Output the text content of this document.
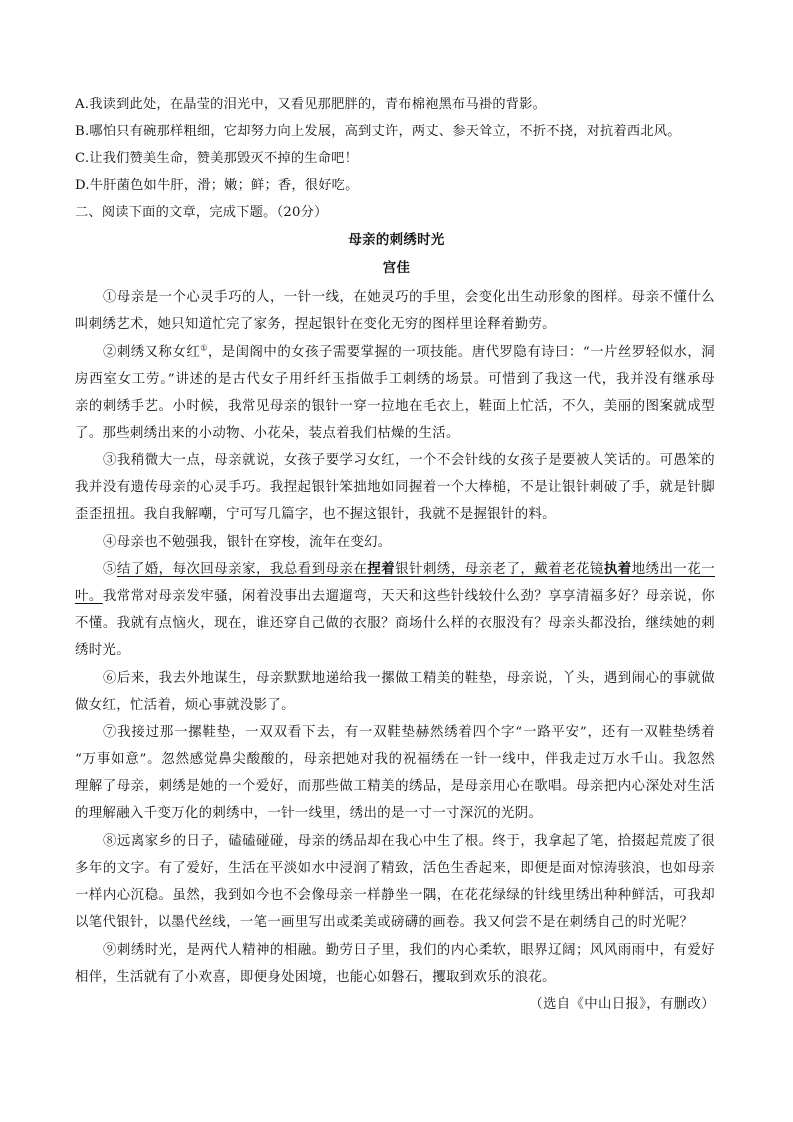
A.我读到此处，在晶莹的泪光中，又看见那肥胖的，青布棉袍黑布马褂的背影。
B.哪怕只有碗那样粗细，它却努力向上发展，高到丈许，两丈、参天耸立，不折不挠，对抗着西北风。
C.让我们赞美生命，赞美那毁灭不掉的生命吧！
D.牛肝菌色如牛肝，滑；嫩；鲜；香，很好吃。
二、阅读下面的文章，完成下题。（20分）
母亲的刺绣时光
宫佳
①母亲是一个心灵手巧的人，一针一线，在她灵巧的手里，会变化出生动形象的图样。母亲不懂什么
叫刺绣艺术，她只知道忙完了家务，捏起银针在变化无穷的图样里诠释着勤劳。
②刺绣又称女红①，是闺阁中的女孩子需要掌握的一项技能。唐代罗隐有诗曰：“一片丝罗轻似水，洞
房西室女工劳。”讲述的是古代女子用纤纤玉指做手工刺绣的场景。可惜到了我这一代，我并没有继承母
亲的刺绣手艺。小时候，我常见母亲的银针一穿一拉地在毛衣上，鞋面上忙活，不久，美丽的图案就成型
了。那些刺绣出来的小动物、小花朵，装点着我们枯燥的生活。
③我稍微大一点，母亲就说，女孩子要学习女红，一个不会针线的女孩子是要被人笑话的。可愚笨的
我并没有遗传母亲的心灵手巧。我捏起银针笨拙地如同握着一个大棒槌，不是让银针刺破了手，就是针脚
歪歪扭扭。我自我解嘲，宁可写几篇字，也不握这银针，我就不是握银针的料。
④母亲也不勉强我，银针在穿梭，流年在变幻。
⑤结了婚，每次回母亲家，我总看到母亲在捏着银针刺绣，母亲老了，戴着老花镜执着地绣出一花一
叶。我常常对母亲发牢骚，闲着没事出去遛遛弯，天天和这些针线较什么劲？享享清福多好？母亲说，你
不懂。我就有点恼火，现在，谁还穿自己做的衣服？商场什么样的衣服没有？母亲头都没抬，继续她的刺
绣时光。
⑥后来，我去外地谋生，母亲默默地递给我一摞做工精美的鞋垫，母亲说，丫头，遇到闹心的事就做
做女红，忙活着，烦心事就没影了。
⑦我接过那一摞鞋垫，一双双看下去，有一双鞋垫赫然绣着四个字“一路平安”，还有一双鞋垫绣着
“万事如意”。忽然感觉鼻尖酸酸的，母亲把她对我的祝福绣在一针一线中，伴我走过万水千山。我忽然
理解了母亲，刺绣是她的一个爱好，而那些做工精美的绣品，是母亲用心在歌唱。母亲把内心深处对生活
的理解融入千变万化的刺绣中，一针一线里，绣出的是一寸一寸深沉的光阴。
⑧远离家乡的日子，磕磕碰碰，母亲的绣品却在我心中生了根。终于，我拿起了笔，拾掇起荒废了很
多年的文字。有了爱好，生活在平淡如水中浸润了精致，活色生香起来，即便是面对惊涛骇浪，也如母亲
一样内心沉稳。虽然，我到如今也不会像母亲一样静坐一隅，在花花绿绿的针线里绣出种种鲜活，可我却
以笔代银针，以墨代丝线，一笔一画里写出或柔美或磅礴的画卷。我又何尝不是在刺绣自己的时光呢？
⑨刺绣时光，是两代人精神的相融。勤劳日子里，我们的内心柔软，眼界辽阔；风风雨雨中，有爱好
相伴，生活就有了小欢喜，即便身处困境，也能心如磐石，攫取到欢乐的浪花。
（选自《中山日报》，有删改）
